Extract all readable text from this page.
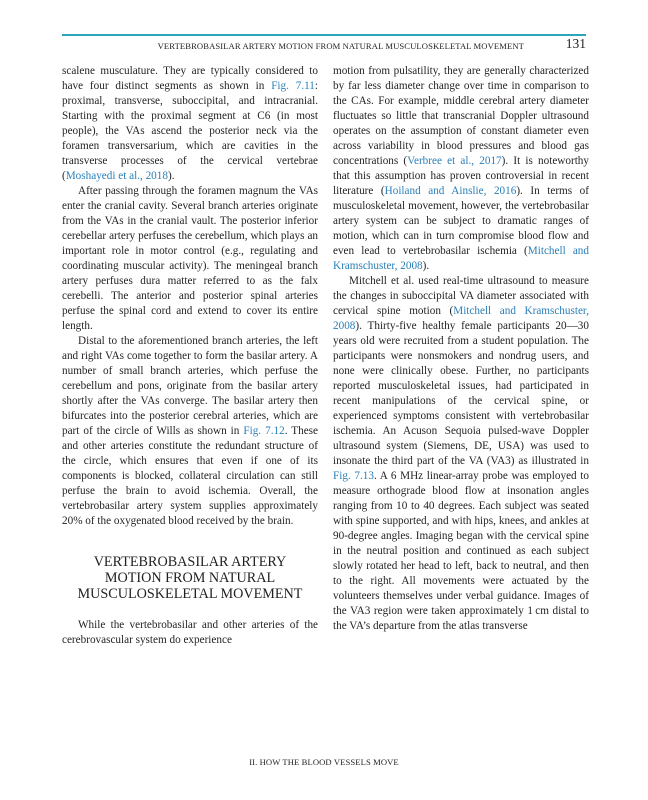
VERTEBROBASILAR ARTERY MOTION FROM NATURAL MUSCULOSKELETAL MOVEMENT	131

scalene musculature. They are typically considered to have four distinct segments as shown in Fig. 7.11: proximal, transverse, suboccipital, and intracranial. Starting with the proximal segment at C6 (in most people), the VAs ascend the posterior neck via the foramen transversarium, which are cavities in the transverse processes of the cervical vertebrae (Moshayedi et al., 2018).

After passing through the foramen magnum the VAs enter the cranial cavity. Several branch arteries originate from the VAs in the cranial vault. The posterior inferior cerebellar artery perfuses the cerebellum, which plays an important role in motor control (e.g., regulating and coordinating muscular activity). The meningeal branch artery perfuses dura matter referred to as the falx cerebelli. The anterior and posterior spinal arteries perfuse the spinal cord and extend to cover its entire length.

Distal to the aforementioned branch arteries, the left and right VAs come together to form the basilar artery. A number of small branch arteries, which perfuse the cerebellum and pons, originate from the basilar artery shortly after the VAs converge. The basilar artery then bifurcates into the posterior cerebral arteries, which are part of the circle of Wills as shown in Fig. 7.12. These and other arteries constitute the redundant structure of the circle, which ensures that even if one of its components is blocked, collateral circulation can still perfuse the brain to avoid ischemia. Overall, the vertebrobasilar artery system supplies approximately 20% of the oxygenated blood received by the brain.

VERTEBROBASILAR ARTERY
MOTION FROM NATURAL
MUSCULOSKELETAL MOVEMENT

While the vertebrobasilar and other arteries of the cerebrovascular system do experience

motion from pulsatility, they are generally characterized by far less diameter change over time in comparison to the CAs. For example, middle cerebral artery diameter fluctuates so little that transcranial Doppler ultrasound operates on the assumption of constant diameter even across variability in blood pressures and blood gas concentrations (Verbree et al., 2017). It is noteworthy that this assumption has proven controversial in recent literature (Hoiland and Ainslie, 2016). In terms of musculoskeletal movement, however, the vertebrobasilar artery system can be subject to dramatic ranges of motion, which can in turn compromise blood flow and even lead to vertebrobasilar ischemia (Mitchell and Kramschuster, 2008).

Mitchell et al. used real-time ultrasound to measure the changes in suboccipital VA diameter associated with cervical spine motion (Mitchell and Kramschuster, 2008). Thirty-five healthy female participants 20—30 years old were recruited from a student population. The participants were nonsmokers and nondrug users, and none were clinically obese. Further, no participants reported musculoskeletal issues, had participated in recent manipulations of the cervical spine, or experienced symptoms consistent with vertebrobasilar ischemia. An Acuson Sequoia pulsed-wave Doppler ultrasound system (Siemens, DE, USA) was used to insonate the third part of the VA (VA3) as illustrated in Fig. 7.13. A 6 MHz linear-array probe was employed to measure orthograde blood flow at insonation angles ranging from 10 to 40 degrees. Each subject was seated with spine supported, and with hips, knees, and ankles at 90-degree angles. Imaging began with the cervical spine in the neutral position and continued as each subject slowly rotated her head to left, back to neutral, and then to the right. All movements were actuated by the volunteers themselves under verbal guidance. Images of the VA3 region were taken approximately 1 cm distal to the VA’s departure from the atlas transverse

II. HOW THE BLOOD VESSELS MOVE
